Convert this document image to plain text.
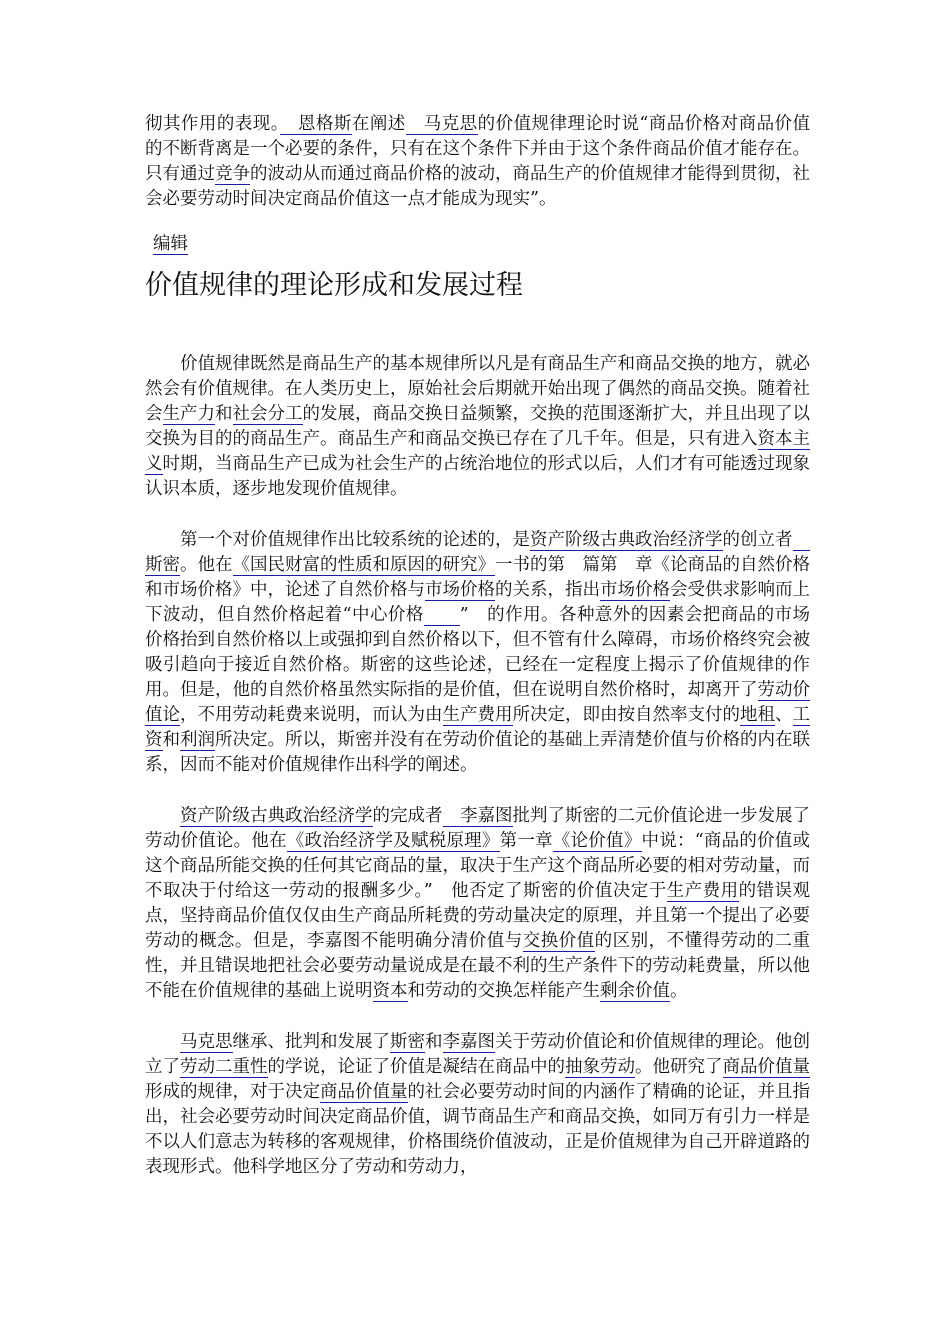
彻其作用的表现。　恩格斯在阐述　马克思的价值规律理论时说“商品价格对商品价值的不断背离是一个必要的条件，只有在这个条件下并由于这个条件商品价值才能存在。只有通过竞争的波动从而通过商品价格的波动，商品生产的价值规律才能得到贯彻，社会必要劳动时间决定商品价值这一点才能成为现实”。

编辑
价值规律的理论形成和发展过程

价值规律既然是商品生产的基本规律所以凡是有商品生产和商品交换的地方，就必然会有价值规律。在人类历史上，原始社会后期就开始出现了偶然的商品交换。随着社会生产力和社会分工的发展，商品交换日益频繁，交换的范围逐渐扩大，并且出现了以交换为目的的商品生产。商品生产和商品交换已存在了几千年。但是，只有进入资本主义时期，当商品生产已成为社会生产的占统治地位的形式以后，人们才有可能透过现象认识本质，逐步地发现价值规律。

第一个对价值规律作出比较系统的论述的，是资产阶级古典政治经济学的创立者　斯密。他在《国民财富的性质和原因的研究》一书的第　篇第　章《论商品的自然价格和市场价格》中，论述了自然价格与市场价格的关系，指出市场价格会受供求影响而上下波动，但自然价格起着“中心价格　　 ”　的作用。各种意外的因素会把商品的市场价格抬到自然价格以上或强抑到自然价格以下，但不管有什么障碍，市场价格终究会被吸引趋向于接近自然价格。斯密的这些论述，已经在一定程度上揭示了价值规律的作用。但是，他的自然价格虽然实际指的是价值，但在说明自然价格时，却离开了劳动价值论，不用劳动耗费来说明，而认为由生产费用所决定，即由按自然率支付的地租、工资和利润所决定。所以，斯密并没有在劳动价值论的基础上弄清楚价值与价格的内在联系，因而不能对价值规律作出科学的阐述。

资产阶级古典政治经济学的完成者　李嘉图批判了斯密的二元价值论进一步发展了劳动价值论。他在《政治经济学及赋税原理》第一章《论价值》中说：“商品的价值或这个商品所能交换的任何其它商品的量，取决于生产这个商品所必要的相对劳动量，而不取决于付给这一劳动的报酬多少。”　他否定了斯密的价值决定于生产费用的错误观点，坚持商品价值仅仅由生产商品所耗费的劳动量决定的原理，并且第一个提出了必要劳动的概念。但是，李嘉图不能明确分清价值与交换价值的区别，不懂得劳动的二重性，并且错误地把社会必要劳动量说成是在最不利的生产条件下的劳动耗费量，所以他不能在价值规律的基础上说明资本和劳动的交换怎样能产生剩余价值。

马克思继承、批判和发展了斯密和李嘉图关于劳动价值论和价值规律的理论。他创立了劳动二重性的学说，论证了价值是凝结在商品中的抽象劳动。他研究了商品价值量形成的规律，对于决定商品价值量的社会必要劳动时间的内涵作了精确的论证，并且指出，社会必要劳动时间决定商品价值，调节商品生产和商品交换，如同万有引力一样是不以人们意志为转移的客观规律，价格围绕价值波动，正是价值规律为自己开辟道路的表现形式。他科学地区分了劳动和劳动力，
